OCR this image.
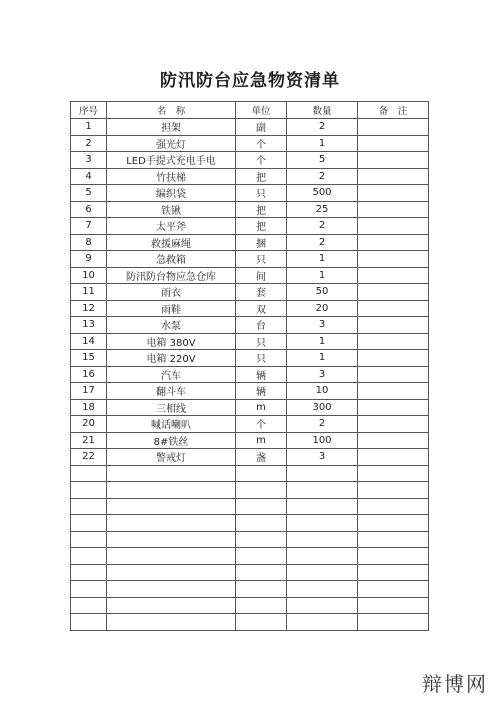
防汛防台应急物资清单
序号	名　称	单位	数量	备　注
1	担架	副	2	
2	强光灯	个	1	
3	LED手提式充电手电	个	5	
4	竹扶梯	把	2	
5	编织袋	只	500	
6	铁锹	把	25	
7	太平斧	把	2	
8	救援麻绳	捆	2	
9	急救箱	只	1	
10	防汛防台物应急仓库	间	1	
11	雨衣	套	50	
12	雨鞋	双	20	
13	水泵	台	3	
14	电箱 380V	只	1	
15	电箱 220V	只	1	
16	汽车	辆	3	
17	翻斗车	辆	10	
18	三相线	m	300	
20	喊话喇叭	个	2	
21	8#铁丝	m	100	
22	警戒灯	盏	3	

辩博网
